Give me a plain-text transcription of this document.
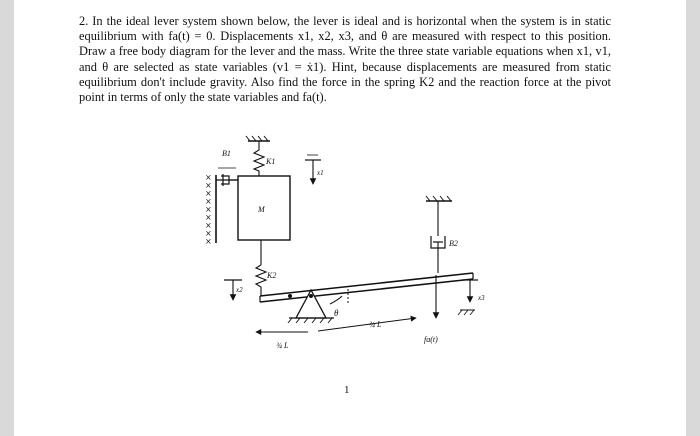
2. In the ideal lever system shown below, the lever is ideal and is horizontal when the system is in static equilibrium with fa(t) = 0. Displacements x1, x2, x3, and θ are measured with respect to this position. Draw a free body diagram for the lever and the mass. Write the three state variable equations when x1, v1, and θ are selected as state variables (v1 = ẋ1). Hint, because displacements are measured from static equilibrium don't include gravity. Also find the force in the spring K2 and the reaction force at the pivot point in terms of only the state variables and fa(t).

×
×
×
×
×
×
×
×
×
B1
K1
M
x1
x2
K2
B2
x3
θ
¾ L
¾ L
fa(t)
1
